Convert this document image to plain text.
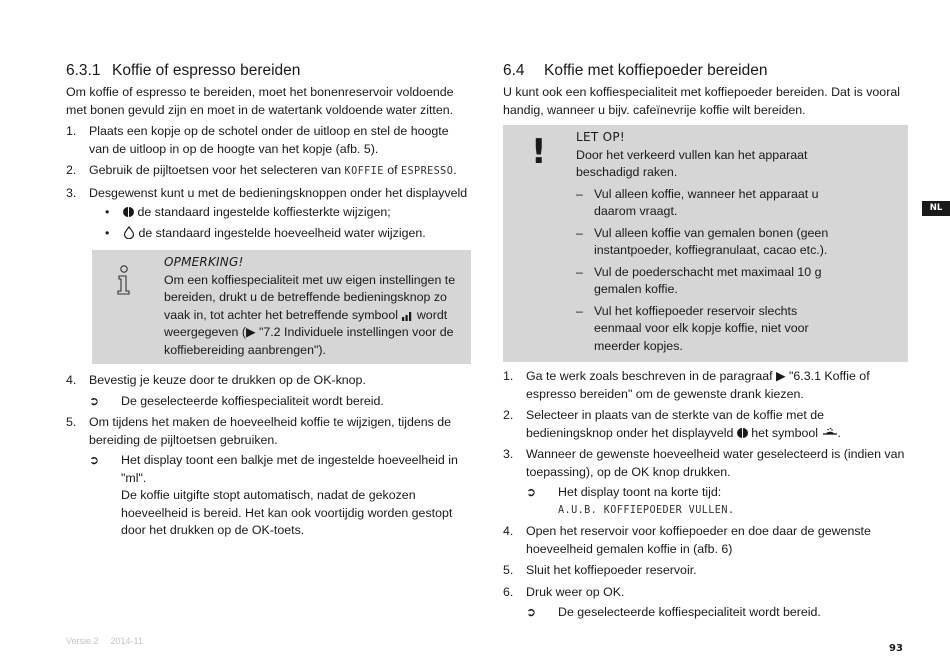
6.3.1 Koffie of espresso bereiden

Om koffie of espresso te bereiden, moet het bonenreservoir voldoende met bonen gevuld zijn en moet in de watertank voldoende water zitten.

1. Plaats een kopje op de schotel onder de uitloop en stel de hoogte van de uitloop in op de hoogte van het kopje (afb. 5).
2. Gebruik de pijltoetsen voor het selecteren van KOFFIE of ESPRESSO.
3. Desgewenst kunt u met de bedieningsknoppen onder het displayveld
• de standaard ingestelde koffiesterkte wijzigen;
• de standaard ingestelde hoeveelheid water wijzigen.
OPMERKING!
Om een koffiespecialiteit met uw eigen instellingen te bereiden, drukt u de betreffende bedieningsknop zo vaak in, tot achter het betreffende symbool  wordt weergegeven (▶ "7.2 Individuele instellingen voor de koffiebereiding aanbrengen").
4. Bevestig je keuze door te drukken op de OK-knop.
➲ De geselecteerde koffiespecialiteit wordt bereid.
5. Om tijdens het maken de hoeveelheid koffie te wijzigen, tijdens de bereiding de pijltoetsen gebruiken.
➲ Het display toont een balkje met de ingestelde hoeveelheid in "ml".
De koffie uitgifte stopt automatisch, nadat de gekozen hoeveelheid is bereid. Het kan ook voortijdig worden gestopt door het drukken op de OK-toets.
6.4 Koffie met koffiepoeder bereiden

U kunt ook een koffiespecialiteit met koffiepoeder bereiden. Dat is vooral handig, wanneer u bijv. cafeïnevrije koffie wilt bereiden.

! LET OP!
Door het verkeerd vullen kan het apparaat beschadigd raken.
– Vul alleen koffie, wanneer het apparaat u daarom vraagt.
– Vul alleen koffie van gemalen bonen (geen instantpoeder, koffiegranulaat, cacao etc.).
– Vul de poederschacht met maximaal 10 g gemalen koffie.
– Vul het koffiepoeder reservoir slechts eenmaal voor elk kopje koffie, niet voor meerder kopjes.
1. Ga te werk zoals beschreven in de paragraaf ▶ "6.3.1 Koffie of espresso bereiden" om de gewenste drank kiezen.
2. Selecteer in plaats van de sterkte van de koffie met de bedieningsknop onder het displayveld  het symbool .
3. Wanneer de gewenste hoeveelheid water geselecteerd is (indien van toepassing), op de OK knop drukken.
➲ Het display toont na korte tijd:
A.U.B. KOFFIEPOEDER VULLEN.
4. Open het reservoir voor koffiepoeder en doe daar de gewenste hoeveelheid gemalen koffie in (afb. 6)
5. Sluit het koffiepoeder reservoir.
6. Druk weer op OK.
➲ De geselecteerde koffiespecialiteit wordt bereid.
NL
Versie 2 2014-11
93
